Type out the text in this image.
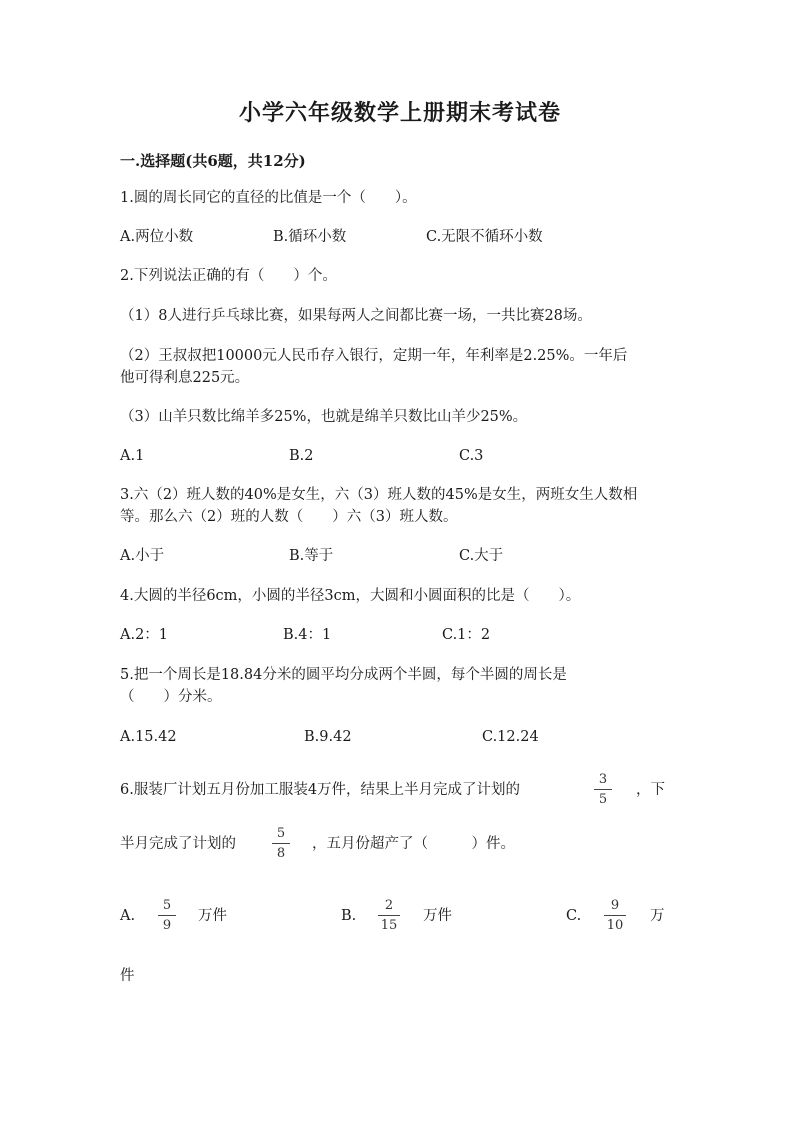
小学六年级数学上册期末考试卷
一.选择题(共6题，共12分)
1.圆的周长同它的直径的比值是一个（　　）。
A.两位小数	B.循环小数	C.无限不循环小数
2.下列说法正确的有（　　）个。
（1）8人进行乒乓球比赛，如果每两人之间都比赛一场，一共比赛28场。
（2）王叔叔把10000元人民币存入银行，定期一年，年利率是2.25%。一年后
他可得利息225元。
（3）山羊只数比绵羊多25%，也就是绵羊只数比山羊少25%。
A.1	B.2	C.3
3.六（2）班人数的40%是女生，六（3）班人数的45%是女生，两班女生人数相
等。那么六（2）班的人数（　　）六（3）班人数。
A.小于	B.等于	C.大于
4.大圆的半径6cm，小圆的半径3cm，大圆和小圆面积的比是（　　）。
A.2：1	B.4：1	C.1：2
5.把一个周长是18.84分米的圆平均分成两个半圆，每个半圆的周长是
（　　）分米。
A.15.42	B.9.42	C.12.24
6.服装厂计划五月份加工服装4万件，结果上半月完成了计划的
3
5
，下
半月完成了计划的
5
8
，五月份超产了（　　　）件。
A.
5
9
万件	B.
2
15
万件	C.
9
10
万
件
